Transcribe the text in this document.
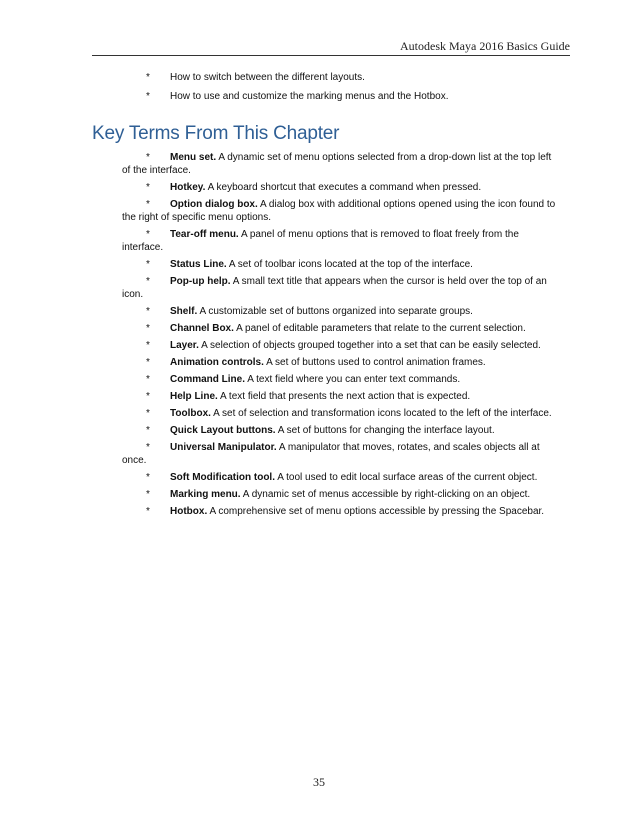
Autodesk Maya 2016 Basics Guide
* How to switch between the different layouts.
* How to use and customize the marking menus and the Hotbox.
Key Terms From This Chapter
* Menu set. A dynamic set of menu options selected from a drop-down list at the top left of the interface.
* Hotkey. A keyboard shortcut that executes a command when pressed.
* Option dialog box. A dialog box with additional options opened using the icon found to the right of specific menu options.
* Tear-off menu. A panel of menu options that is removed to float freely from the interface.
* Status Line. A set of toolbar icons located at the top of the interface.
* Pop-up help. A small text title that appears when the cursor is held over the top of an icon.
* Shelf. A customizable set of buttons organized into separate groups.
* Channel Box. A panel of editable parameters that relate to the current selection.
* Layer. A selection of objects grouped together into a set that can be easily selected.
* Animation controls. A set of buttons used to control animation frames.
* Command Line. A text field where you can enter text commands.
* Help Line. A text field that presents the next action that is expected.
* Toolbox. A set of selection and transformation icons located to the left of the interface.
* Quick Layout buttons. A set of buttons for changing the interface layout.
* Universal Manipulator. A manipulator that moves, rotates, and scales objects all at once.
* Soft Modification tool. A tool used to edit local surface areas of the current object.
* Marking menu. A dynamic set of menus accessible by right-clicking on an object.
* Hotbox. A comprehensive set of menu options accessible by pressing the Spacebar.
35
